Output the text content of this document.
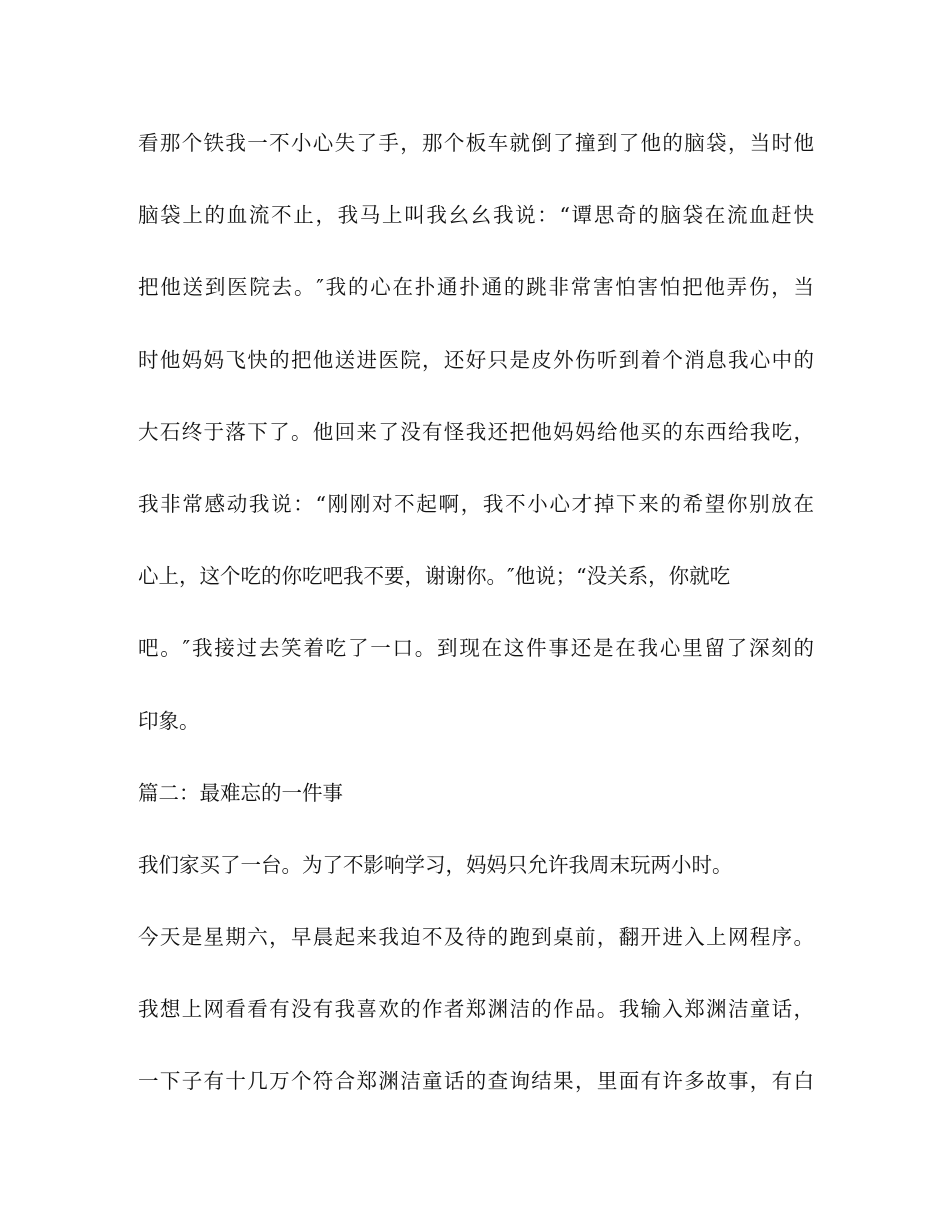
看那个铁我一不小心失了手，那个板车就倒了撞到了他的脑袋，当时他
脑袋上的血流不止，我马上叫我幺幺我说：“谭思奇的脑袋在流血赶快
把他送到医院去。″我的心在扑通扑通的跳非常害怕害怕把他弄伤，当
时他妈妈飞快的把他送进医院，还好只是皮外伤听到着个消息我心中的
大石终于落下了。他回来了没有怪我还把他妈妈给他买的东西给我吃，
我非常感动我说：“刚刚对不起啊，我不小心才掉下来的希望你别放在
心上，这个吃的你吃吧我不要，谢谢你。″他说；“没关系，你就吃
吧。″我接过去笑着吃了一口。到现在这件事还是在我心里留了深刻的
印象。
篇二：最难忘的一件事
我们家买了一台。为了不影响学习，妈妈只允许我周末玩两小时。
今天是星期六，早晨起来我迫不及待的跑到桌前，翻开进入上网程序。
我想上网看看有没有我喜欢的作者郑渊洁的作品。我输入郑渊洁童话，
一下子有十几万个符合郑渊洁童话的查询结果，里面有许多故事，有白
